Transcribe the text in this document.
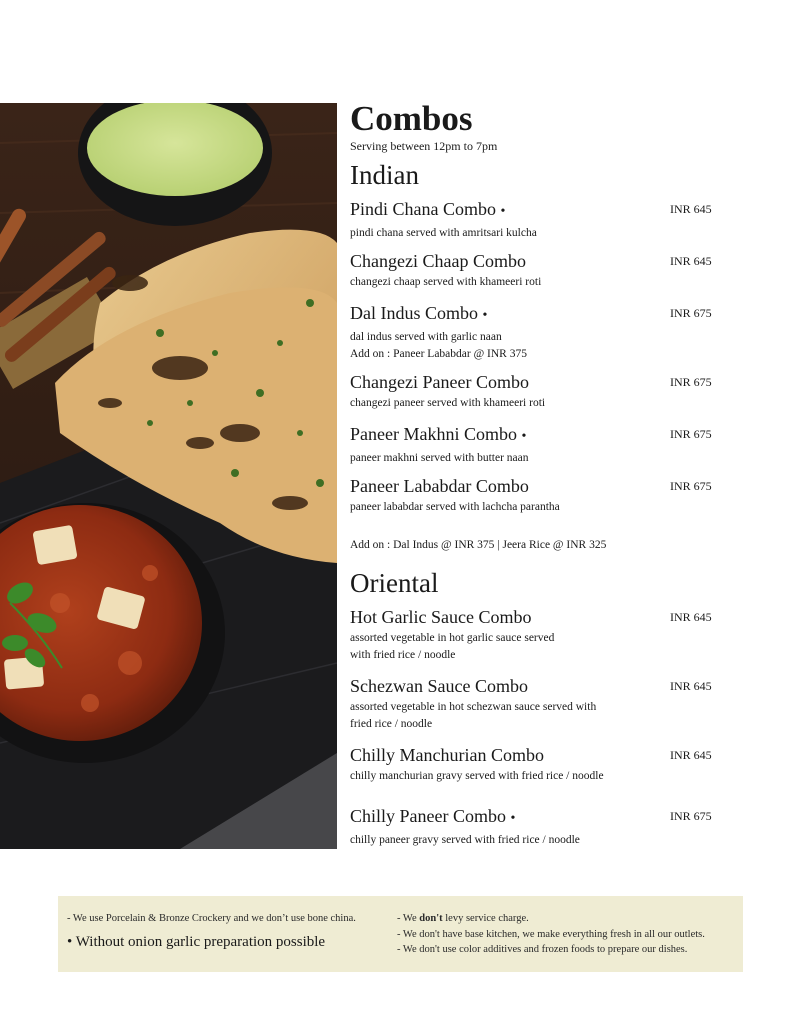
Combos
Serving between 12pm to 7pm
Indian
Pindi Chana Combo •	INR 645
pindi chana served with amritsari kulcha
Changezi Chaap Combo	INR 645
changezi chaap served with khameeri roti
Dal Indus Combo •	INR 675
dal indus served with garlic naan
Add on : Paneer Lababdar @ INR 375
Changezi Paneer Combo	INR 675
changezi paneer served with khameeri roti
Paneer Makhni Combo •	INR 675
paneer makhni served with butter naan
Paneer Lababdar Combo	INR 675
paneer lababdar served with lachcha parantha
Add on : Dal Indus @ INR 375 | Jeera Rice @ INR 325
Oriental
Hot Garlic Sauce Combo	INR 645
assorted vegetable in hot garlic sauce served
with fried rice / noodle
Schezwan Sauce Combo	INR 645
assorted vegetable in hot schezwan sauce served with
fried rice / noodle
Chilly Manchurian Combo	INR 645
chilly manchurian gravy served with fried rice / noodle
Chilly Paneer Combo •	INR 675
chilly paneer gravy served with fried rice / noodle
- We use Porcelain & Bronze Crockery and we don’t use bone china.
• Without onion garlic preparation possible
- We don't levy service charge.
- We don't have base kitchen, we make everything fresh in all our outlets.
- We don't use color additives and frozen foods to prepare our dishes.
